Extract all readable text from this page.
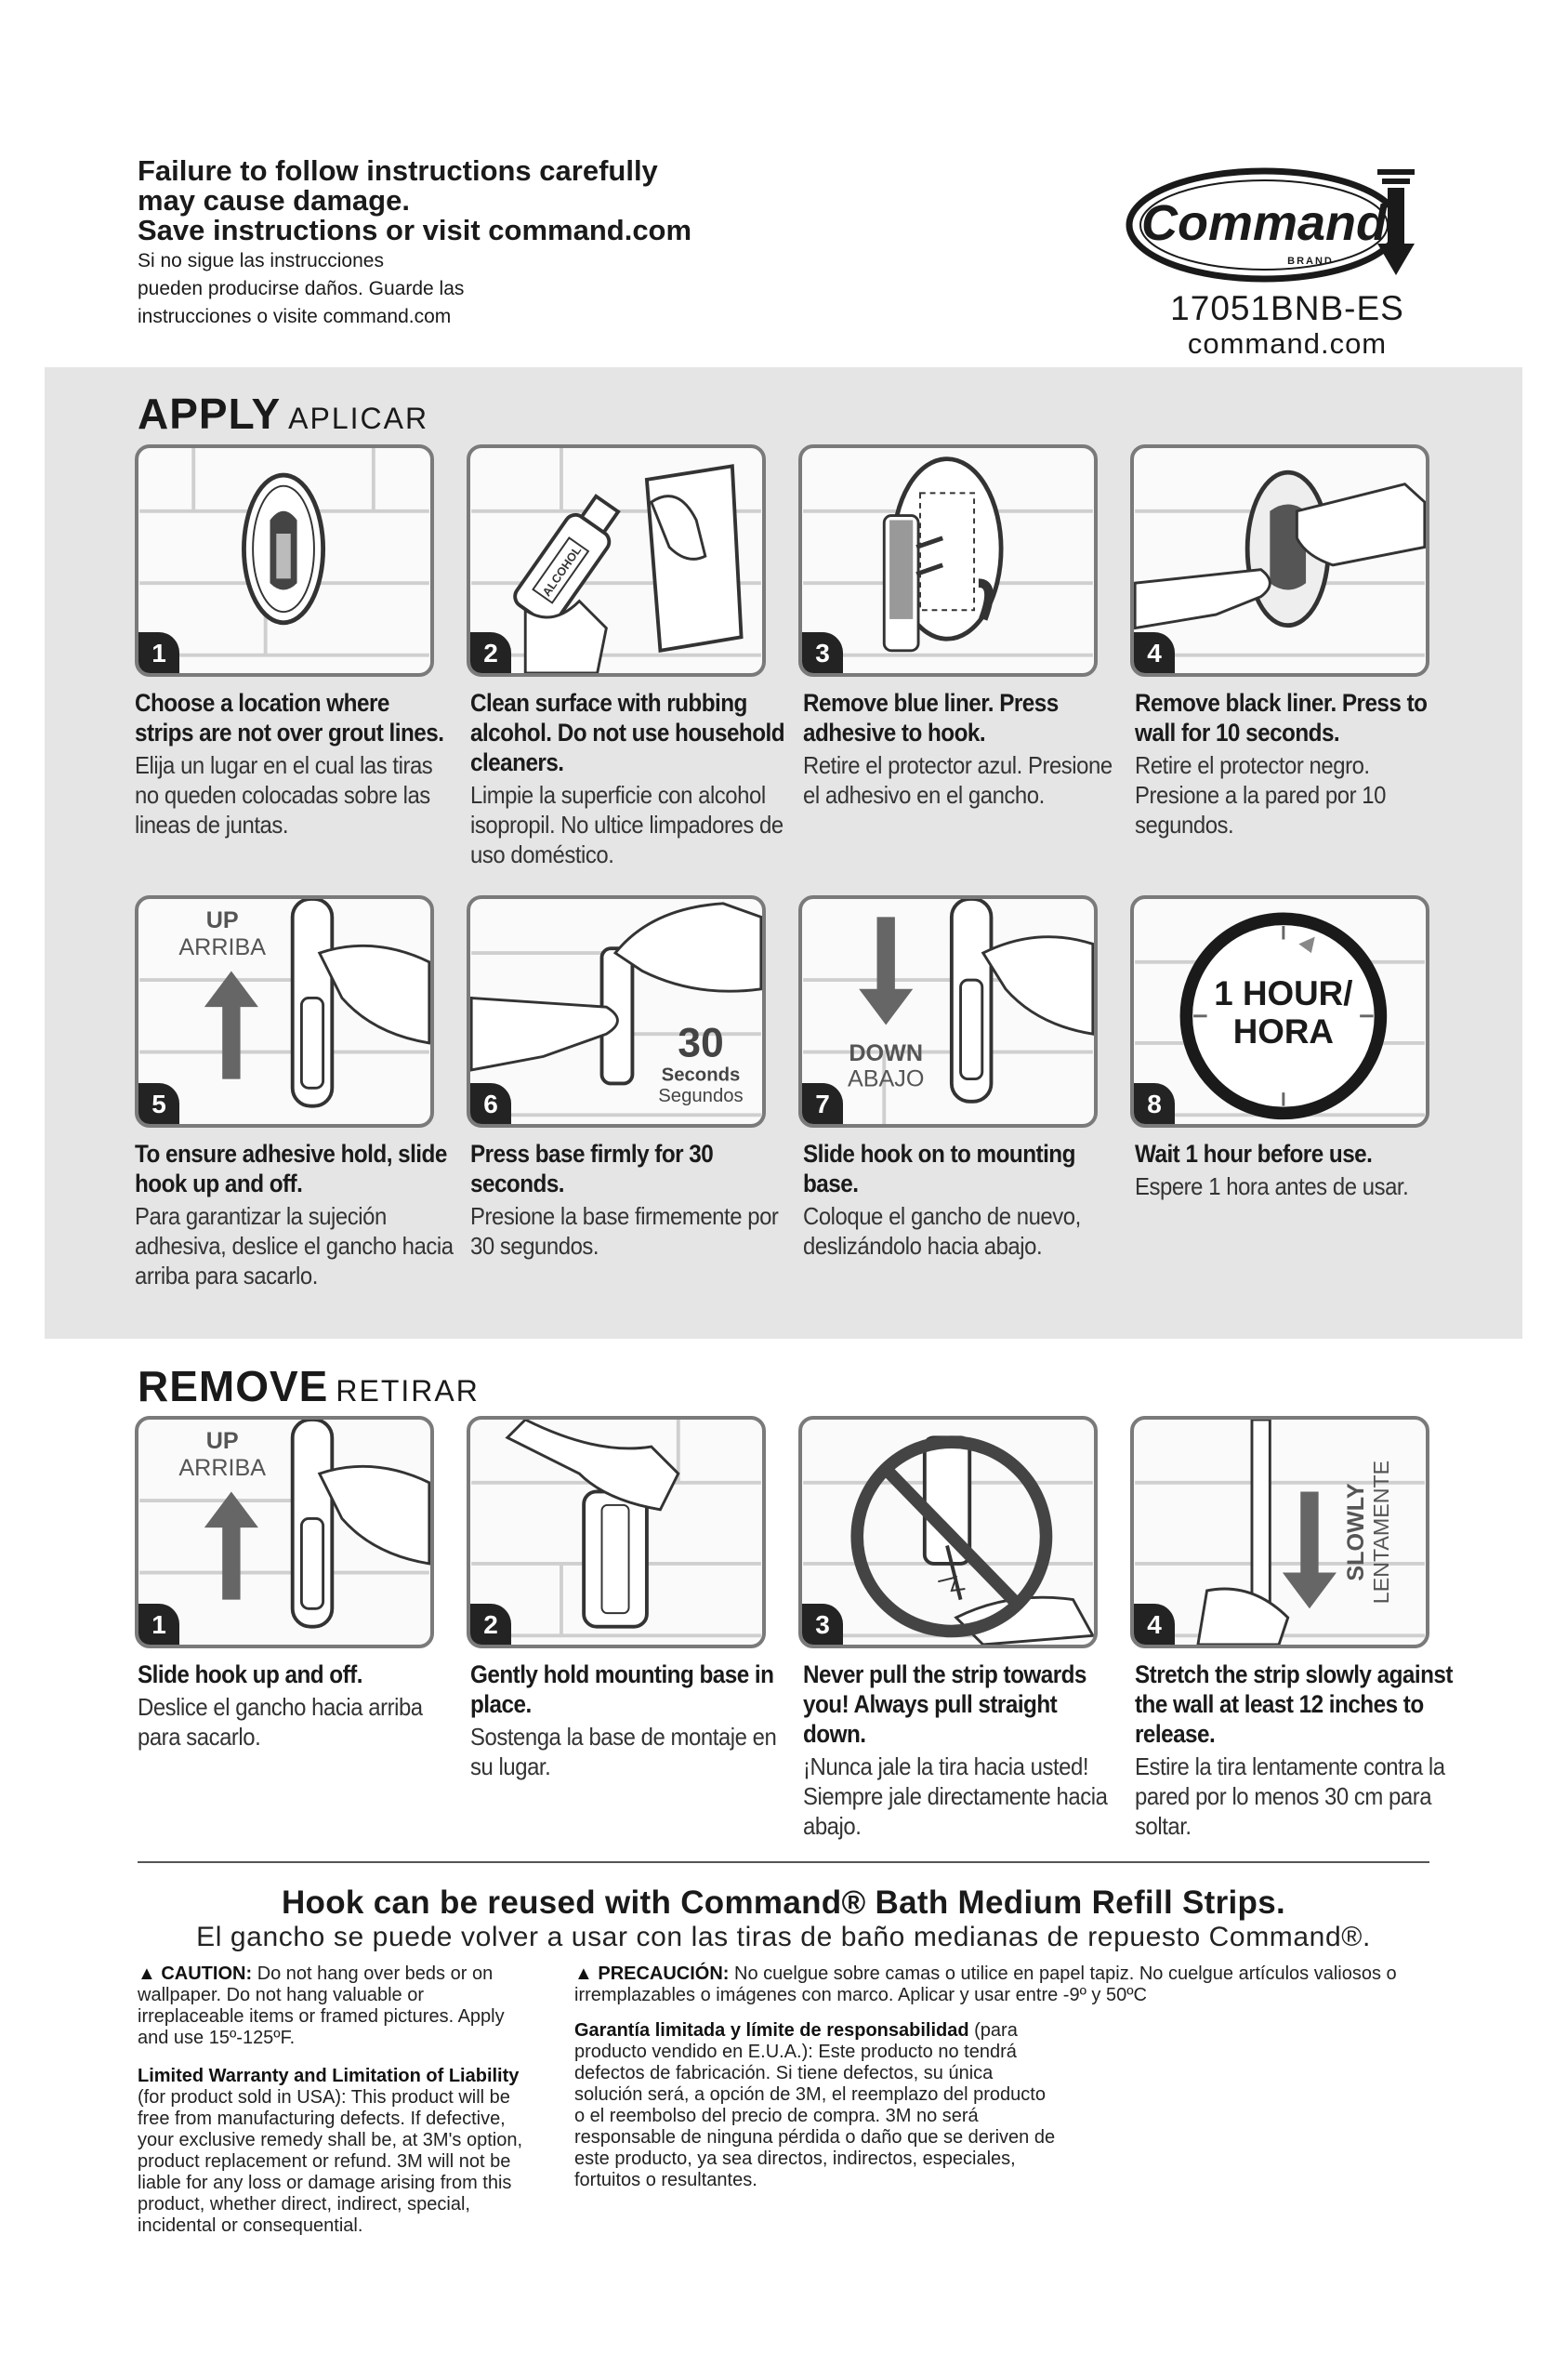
Failure to follow instructions carefully
may cause damage.
Save instructions or visit command.com
Si no sigue las instrucciones
pueden producirse daños. Guarde las
instrucciones o visite command.com
Command
BRAND
17051BNB-ES
command.com
APPLY APLICAR
1
ALCOHOL
2	3	4
Choose a location where strips are not over grout lines.
Elija un lugar en el cual las tiras no queden colocadas sobre las lineas de juntas.
Clean surface with rubbing alcohol. Do not use household cleaners.
Limpie la superficie con alcohol isopropil. No ultice limpadores de uso doméstico.
Remove blue liner. Press adhesive to hook.
Retire el protector azul. Presione el adhesivo en el gancho.
Remove black liner. Press to wall for 10 seconds.
Retire el protector negro. Presione a la pared por 10 segundos.
UP
ARRIBA
5
30
Seconds
Segundos
6
DOWN
ABAJO
7
1 HOUR/
HORA
8
To ensure adhesive hold, slide hook up and off.
Para garantizar la sujeción adhesiva, deslice el gancho hacia arriba para sacarlo.
Press base firmly for 30 seconds.
Presione la base firmemente por 30 segundos.
Slide hook on to mounting base.
Coloque el gancho de nuevo, deslizándolo hacia abajo.
Wait 1 hour before use.
Espere 1 hora antes de usar.
REMOVE RETIRAR
UP
ARRIBA
1	2	3
SLOWLY LENTAMENTE
4
Slide hook up and off.
Deslice el gancho hacia arriba para sacarlo.
Gently hold mounting base in place.
Sostenga la base de montaje en su lugar.
Never pull the strip towards you! Always pull straight down.
¡Nunca jale la tira hacia usted! Siempre jale directamente hacia abajo.
Stretch the strip slowly against the wall at least 12 inches to release.
Estire la tira lentamente contra la pared por lo menos 30 cm para soltar.
Hook can be reused with Command® Bath Medium Refill Strips.
El gancho se puede volver a usar con las tiras de baño medianas de repuesto Command®.
▲ CAUTION: Do not hang over beds or on wallpaper. Do not hang valuable or irreplaceable items or framed pictures. Apply and use 15º-125ºF.
Limited Warranty and Limitation of Liability (for product sold in USA): This product will be free from manufacturing defects. If defective, your exclusive remedy shall be, at 3M's option, product replacement or refund. 3M will not be liable for any loss or damage arising from this product, whether direct, indirect, special, incidental or consequential.
▲ PRECAUCIÓN: No cuelgue sobre camas o utilice en papel tapiz. No cuelgue artículos valiosos o irremplazables o imágenes con marco. Aplicar y usar entre -9º y 50ºC
Garantía limitada y límite de responsabilidad (para producto vendido en E.U.A.): Este producto no tendrá defectos de fabricación. Si tiene defectos, su única solución será, a opción de 3M, el reemplazo del producto o el reembolso del precio de compra. 3M no será responsable de ninguna pérdida o daño que se deriven de este producto, ya sea directos, indirectos, especiales, fortuitos o resultantes.
